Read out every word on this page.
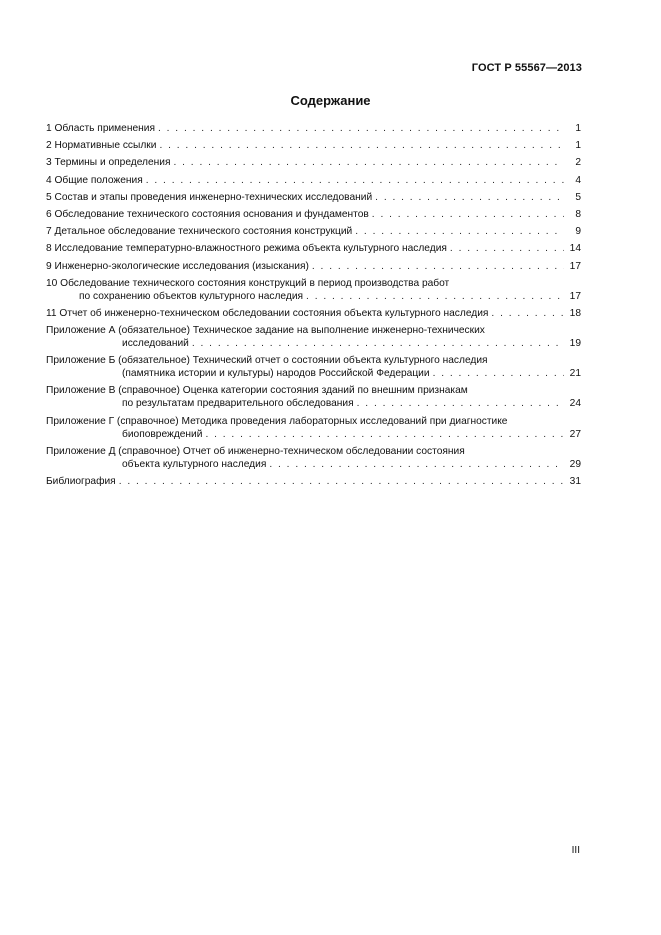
ГОСТ Р 55567—2013
Содержание
1 Область применения . . .	1
2 Нормативные ссылки . . .	1
3 Термины и определения . . .	2
4 Общие положения . . .	4
5 Состав и этапы проведения инженерно-технических исследований . . .	5
6 Обследование технического состояния основания и фундаментов . . .	8
7 Детальное обследование технического состояния конструкций . . .	9
8 Исследование температурно-влажностного режима объекта культурного наследия . . .	14
9 Инженерно-экологические исследования (изыскания) . . .	17
10 Обследование технического состояния конструкций в период производства работ
по сохранению объектов культурного наследия . . .	17
11 Отчет об инженерно-техническом обследовании состояния объекта культурного наследия . . .	18
Приложение А (обязательное) Техническое задание на выполнение инженерно-технических
исследований . . .	19
Приложение Б (обязательное) Технический отчет о состоянии объекта культурного наследия
(памятника истории и культуры) народов Российской Федерации . . .	21
Приложение В (справочное) Оценка категории состояния зданий по внешним признакам
по результатам предварительного обследования . . .	24
Приложение Г (справочное) Методика проведения лабораторных исследований при диагностике
биоповреждений . . .	27
Приложение Д (справочное) Отчет об инженерно-техническом обследовании состояния
объекта культурного наследия . . .	29
Библиография . . .	31
III
